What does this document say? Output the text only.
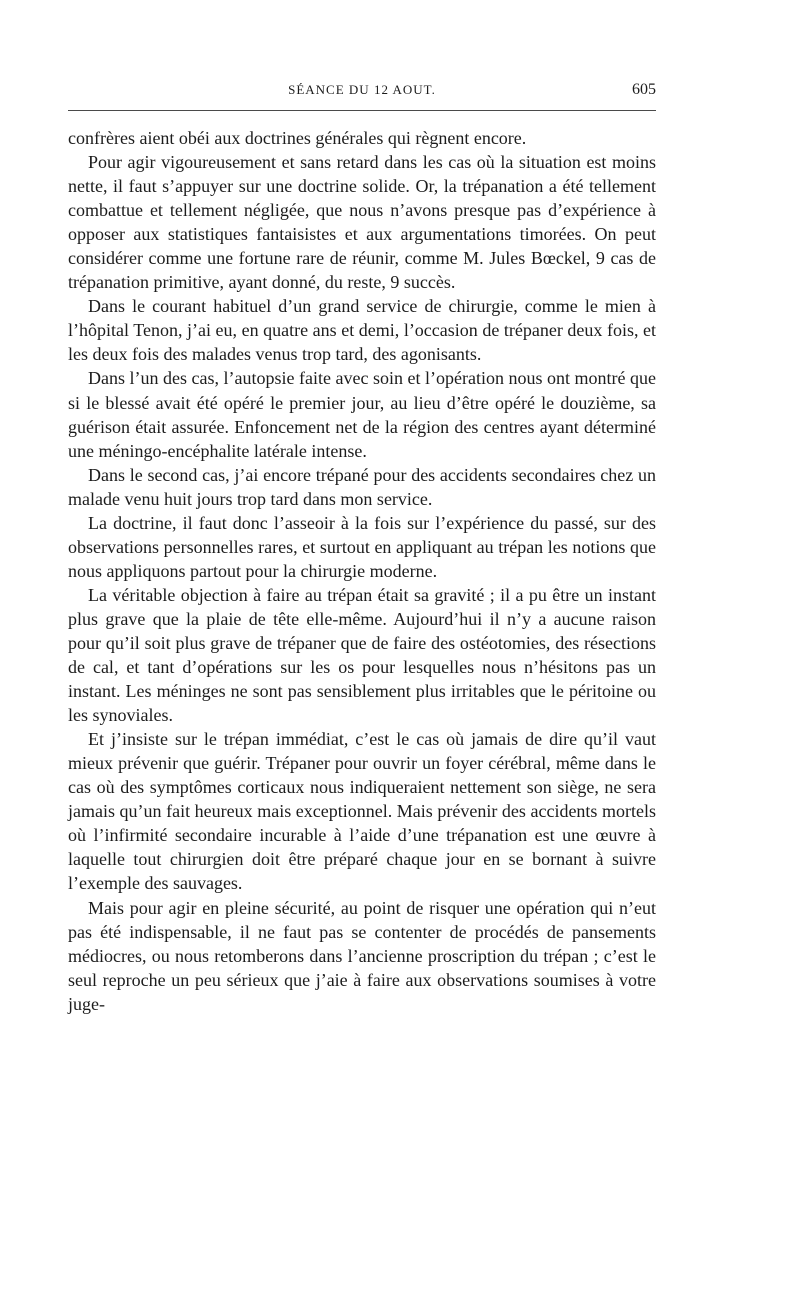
SÉANCE DU 12 AOUT.	605

confrères aient obéi aux doctrines générales qui règnent encore.

Pour agir vigoureusement et sans retard dans les cas où la situation est moins nette, il faut s’appuyer sur une doctrine solide. Or, la trépanation a été tellement combattue et tellement négligée, que nous n’avons presque pas d’expérience à opposer aux statistiques fantaisistes et aux argumentations timorées. On peut considérer comme une fortune rare de réunir, comme M. Jules Bœckel, 9 cas de trépanation primitive, ayant donné, du reste, 9 succès.

Dans le courant habituel d’un grand service de chirurgie, comme le mien à l’hôpital Tenon, j’ai eu, en quatre ans et demi, l’occasion de trépaner deux fois, et les deux fois des malades venus trop tard, des agonisants.

Dans l’un des cas, l’autopsie faite avec soin et l’opération nous ont montré que si le blessé avait été opéré le premier jour, au lieu d’être opéré le douzième, sa guérison était assurée. Enfoncement net de la région des centres ayant déterminé une méningo-encéphalite latérale intense.

Dans le second cas, j’ai encore trépané pour des accidents secondaires chez un malade venu huit jours trop tard dans mon service.

La doctrine, il faut donc l’asseoir à la fois sur l’expérience du passé, sur des observations personnelles rares, et surtout en appliquant au trépan les notions que nous appliquons partout pour la chirurgie moderne.

La véritable objection à faire au trépan était sa gravité ; il a pu être un instant plus grave que la plaie de tête elle-même. Aujourd’hui il n’y a aucune raison pour qu’il soit plus grave de trépaner que de faire des ostéotomies, des résections de cal, et tant d’opérations sur les os pour lesquelles nous n’hésitons pas un instant. Les méninges ne sont pas sensiblement plus irritables que le péritoine ou les synoviales.

Et j’insiste sur le trépan immédiat, c’est le cas où jamais de dire qu’il vaut mieux prévenir que guérir. Trépaner pour ouvrir un foyer cérébral, même dans le cas où des symptômes corticaux nous indiqueraient nettement son siège, ne sera jamais qu’un fait heureux mais exceptionnel. Mais prévenir des accidents mortels où l’infirmité secondaire incurable à l’aide d’une trépanation est une œuvre à laquelle tout chirurgien doit être préparé chaque jour en se bornant à suivre l’exemple des sauvages.

Mais pour agir en pleine sécurité, au point de risquer une opération qui n’eut pas été indispensable, il ne faut pas se contenter de procédés de pansements médiocres, ou nous retomberons dans l’ancienne proscription du trépan ; c’est le seul reproche un peu sérieux que j’aie à faire aux observations soumises à votre juge-
